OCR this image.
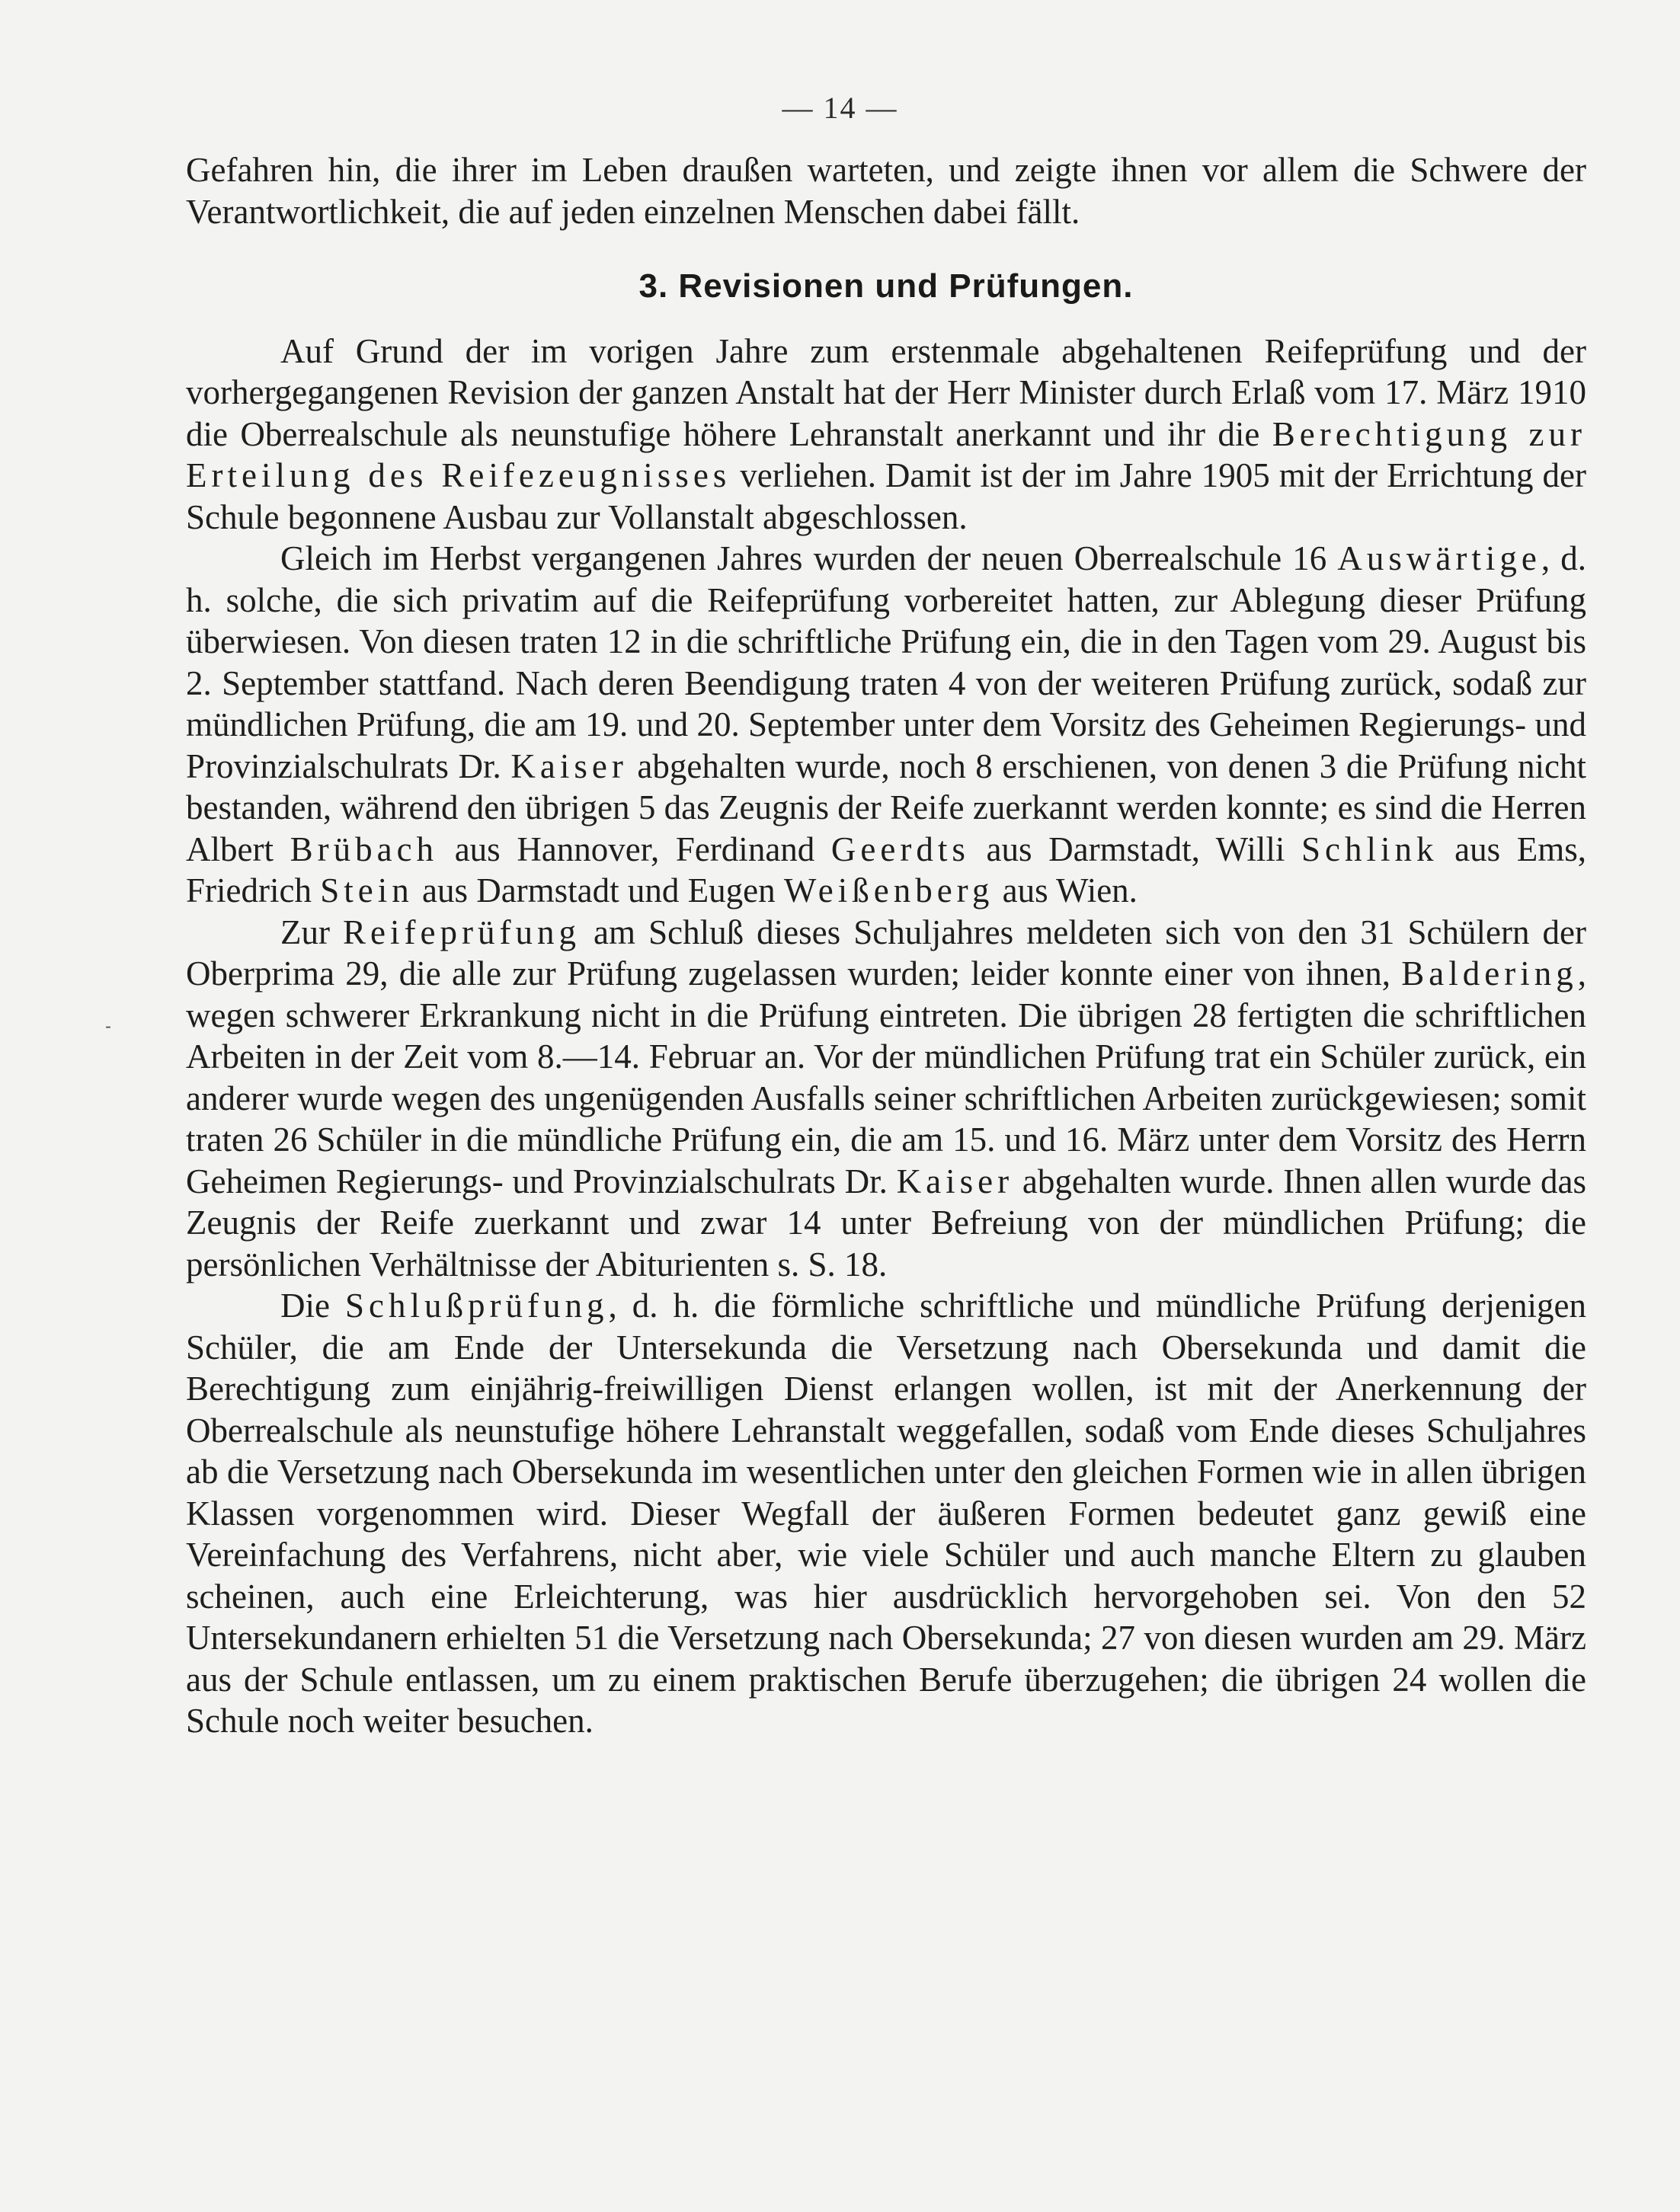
— 14 —
-

Gefahren hin, die ihrer im Leben draußen warteten, und zeigte ihnen vor allem die Schwere der Verantwortlichkeit, die auf jeden einzelnen Menschen dabei fällt.

3. Revisionen und Prüfungen.

Auf Grund der im vorigen Jahre zum erstenmale abgehaltenen Reifeprüfung und der vorhergegangenen Revision der ganzen Anstalt hat der Herr Minister durch Erlaß vom 17. März 1910 die Oberrealschule als neunstufige höhere Lehranstalt anerkannt und ihr die Berechtigung zur Erteilung des Reifezeugnisses verliehen. Damit ist der im Jahre 1905 mit der Errichtung der Schule begonnene Ausbau zur Vollanstalt abgeschlossen.

Gleich im Herbst vergangenen Jahres wurden der neuen Oberrealschule 16 Auswärtige, d. h. solche, die sich privatim auf die Reifeprüfung vorbereitet hatten, zur Ablegung dieser Prüfung überwiesen. Von diesen traten 12 in die schriftliche Prüfung ein, die in den Tagen vom 29. August bis 2. September stattfand. Nach deren Beendigung traten 4 von der weiteren Prüfung zurück, sodaß zur mündlichen Prüfung, die am 19. und 20. September unter dem Vorsitz des Geheimen Regierungs- und Provinzialschulrats Dr. Kaiser abgehalten wurde, noch 8 erschienen, von denen 3 die Prüfung nicht bestanden, während den übrigen 5 das Zeugnis der Reife zuerkannt werden konnte; es sind die Herren Albert Brübach aus Hannover, Ferdinand Geerdts aus Darmstadt, Willi Schlink aus Ems, Friedrich Stein aus Darmstadt und Eugen Weißenberg aus Wien.

Zur Reifeprüfung am Schluß dieses Schuljahres meldeten sich von den 31 Schülern der Oberprima 29, die alle zur Prüfung zugelassen wurden; leider konnte einer von ihnen, Baldering, wegen schwerer Erkrankung nicht in die Prüfung eintreten. Die übrigen 28 fertigten die schriftlichen Arbeiten in der Zeit vom 8.—14. Februar an. Vor der mündlichen Prüfung trat ein Schüler zurück, ein anderer wurde wegen des ungenügenden Ausfalls seiner schriftlichen Arbeiten zurückgewiesen; somit traten 26 Schüler in die mündliche Prüfung ein, die am 15. und 16. März unter dem Vorsitz des Herrn Geheimen Regierungs- und Provinzialschulrats Dr. Kaiser abgehalten wurde. Ihnen allen wurde das Zeugnis der Reife zuerkannt und zwar 14 unter Befreiung von der mündlichen Prüfung; die persönlichen Verhältnisse der Abiturienten s. S. 18.

Die Schlußprüfung, d. h. die förmliche schriftliche und mündliche Prüfung derjenigen Schüler, die am Ende der Untersekunda die Versetzung nach Obersekunda und damit die Berechtigung zum einjährig-freiwilligen Dienst erlangen wollen, ist mit der Anerkennung der Oberrealschule als neunstufige höhere Lehranstalt weggefallen, sodaß vom Ende dieses Schuljahres ab die Versetzung nach Obersekunda im wesentlichen unter den gleichen Formen wie in allen übrigen Klassen vorgenommen wird. Dieser Wegfall der äußeren Formen bedeutet ganz gewiß eine Vereinfachung des Verfahrens, nicht aber, wie viele Schüler und auch manche Eltern zu glauben scheinen, auch eine Erleichterung, was hier ausdrücklich hervorgehoben sei. Von den 52 Untersekundanern erhielten 51 die Versetzung nach Obersekunda; 27 von diesen wurden am 29. März aus der Schule entlassen, um zu einem praktischen Berufe überzugehen; die übrigen 24 wollen die Schule noch weiter besuchen.
